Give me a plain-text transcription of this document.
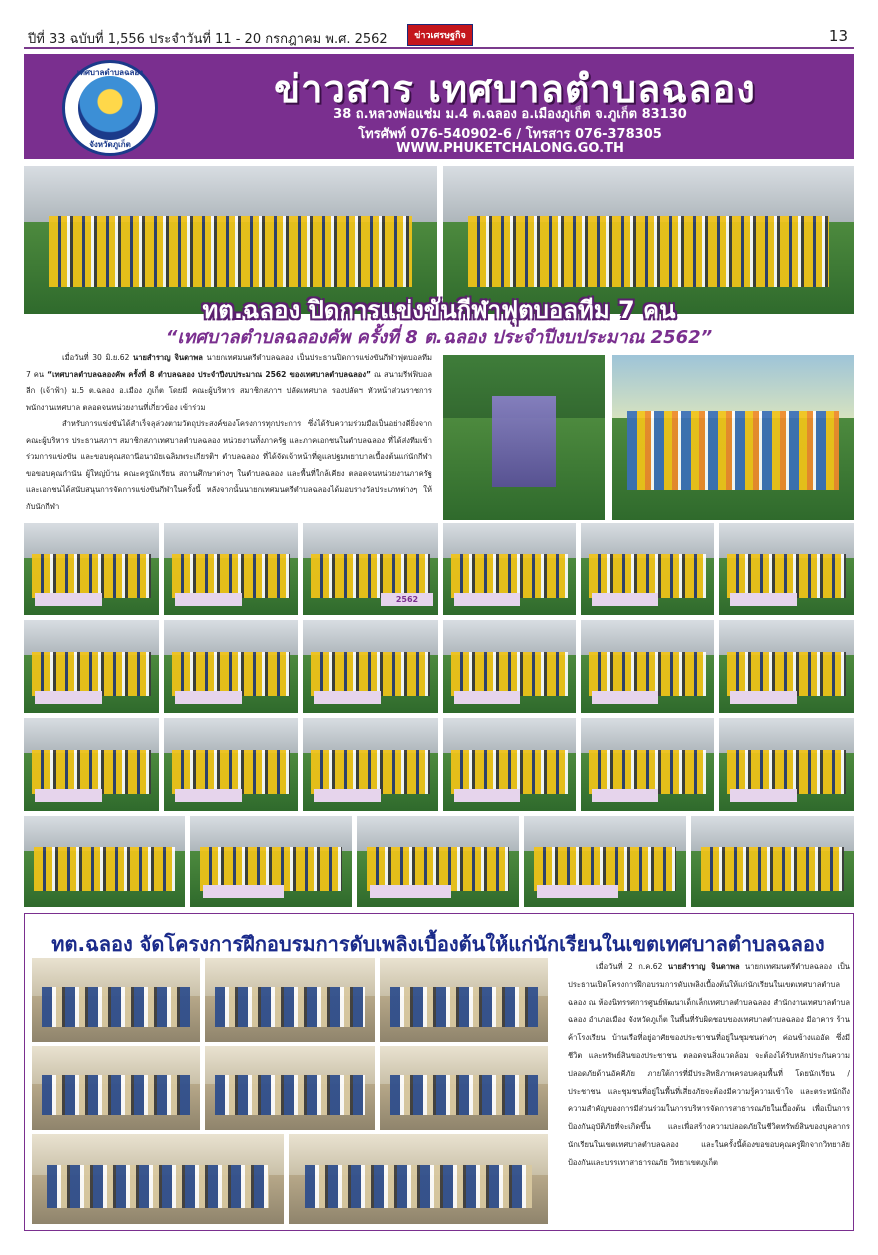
ปีที่ 33 ฉบับที่ 1,556 ประจำวันที่ 11 - 20 กรกฎาคม พ.ศ. 2562	ข่าวเศรษฐกิจ	13
เทศบาลตำบลฉลอง
จังหวัดภูเก็ต
ข่าวสาร เทศบาลตำบลฉลอง
38 ถ.หลวงพ่อแช่ม ม.4 ต.ฉลอง อ.เมืองภูเก็ต จ.ภูเก็ต 83130
โทรศัพท์ 076-540902-6 / โทรสาร 076-378305
WWW.PHUKETCHALONG.GO.TH
ทต.ฉลอง ปิดการแข่งขันกีฬาฟุตบอลทีม 7 คน
“เทศบาลตำบลฉลองคัพ ครั้งที่ 8 ต.ฉลอง ประจำปีงบประมาณ 2562”
เมื่อวันที่ 30 มิ.ย.62 นายสำราญ จินดาพล นายกเทศมนตรีตำบลฉลอง เป็นประธานปิดการแข่งขันกีฬาฟุตบอลทีม 7 คน “เทศบาลตำบลฉลองคัพ ครั้งที่ 8 ตำบลฉลอง ประจำปีงบประมาณ 2562 ของเทศบาลตำบลฉลอง” ณ สนามรีฟฟิบอลลีก (เจ้าฟ้า) ม.5 ต.ฉลอง อ.เมือง ภูเก็ต โดยมี คณะผู้บริหาร สมาชิกสภาฯ ปลัดเทศบาล รองปลัดฯ หัวหน้าส่วนราชการ พนักงานเทศบาล ตลอดจนหน่วยงานที่เกี่ยวข้อง เข้าร่วม
สำหรับการแข่งขันได้สำเร็จลุล่วงตามวัตถุประสงค์ของโครงการทุกประการ ซึ่งได้รับความร่วมมือเป็นอย่างดียิ่งจาก คณะผู้บริหาร ประธานสภาฯ สมาชิกสภาเทศบาลตำบลฉลอง หน่วยงานทั้งภาครัฐ และภาคเอกชนในตำบลฉลอง ที่ได้ส่งทีมเข้าร่วมการแข่งขัน และขอบคุณสถานีอนามัยเฉลิมพระเกียรติฯ ตำบลฉลอง ที่ได้จัดเจ้าหน้าที่ดูแลปฐมพยาบาลเบื้องต้นแก่นักกีฬา ขอขอบคุณกำนัน ผู้ใหญ่บ้าน คณะครูนักเรียน สถานศึกษาต่างๆ ในตำบลฉลอง และพื้นที่ใกล้เคียง ตลอดจนหน่วยงานภาครัฐ และเอกชนได้สนับสนุนการจัดการแข่งขันกีฬาในครั้งนี้ หลังจากนั้นนายกเทศมนตรีตำบลฉลองได้มอบรางวัลประเภทต่างๆ ให้กับนักกีฬา
2562
ทต.ฉลอง จัดโครงการฝึกอบรมการดับเพลิงเบื้องต้นให้แก่นักเรียนในเขตเทศบาลตำบลฉลอง
เมื่อวันที่ 2 ก.ค.62 นายสำราญ จินดาพล นายกเทศมนตรีตำบลฉลอง เป็นประธานเปิดโครงการฝึกอบรมการดับเพลิงเบื้องต้นให้แก่นักเรียนในเขตเทศบาลตำบลฉลอง ณ ห้องนิทรรศการศูนย์พัฒนาเด็กเล็กเทศบาลตำบลฉลอง สำนักงานเทศบาลตำบลฉลอง อำเภอเมือง จังหวัดภูเก็ต ในพื้นที่รับผิดชอบของเทศบาลตำบลฉลอง มีอาคาร ร้านค้าโรงเรียน บ้านเรือที่อยู่อาศัยของประชาชนที่อยู่ในชุมชนต่างๆ ค่อนข้างแออัด ซึ่งมีชีวิต และทรัพย์สินของประชาชน ตลอดจนสิ่งแวดล้อม จะต้องได้รับหลักประกันความปลอดภัยด้านอัคคีภัย ภายใต้การที่มีประสิทธิภาพครอบคลุมพื้นที่ โดยนักเรียน / ประชาชน และชุมชนที่อยู่ในพื้นที่เสี่ยงภัยจะต้องมีความรู้ความเข้าใจ และตระหนักถึงความสำคัญของการมีส่วนร่วมในการบริหารจัดการสาธารณภัยในเบื้องต้น เพื่อเป็นการป้องกันอุบัติภัยที่จะเกิดขึ้น และเพื่อสร้างความปลอดภัยในชีวิตทรัพย์สินของบุคลากร นักเรียนในเขตเทศบาลตำบลฉลอง และในครั้งนี้ต้องขอขอบคุณครูฝึกจากวิทยาลัยป้องกันและบรรเทาสาธารณภัย วิทยาเขตภูเก็ต
